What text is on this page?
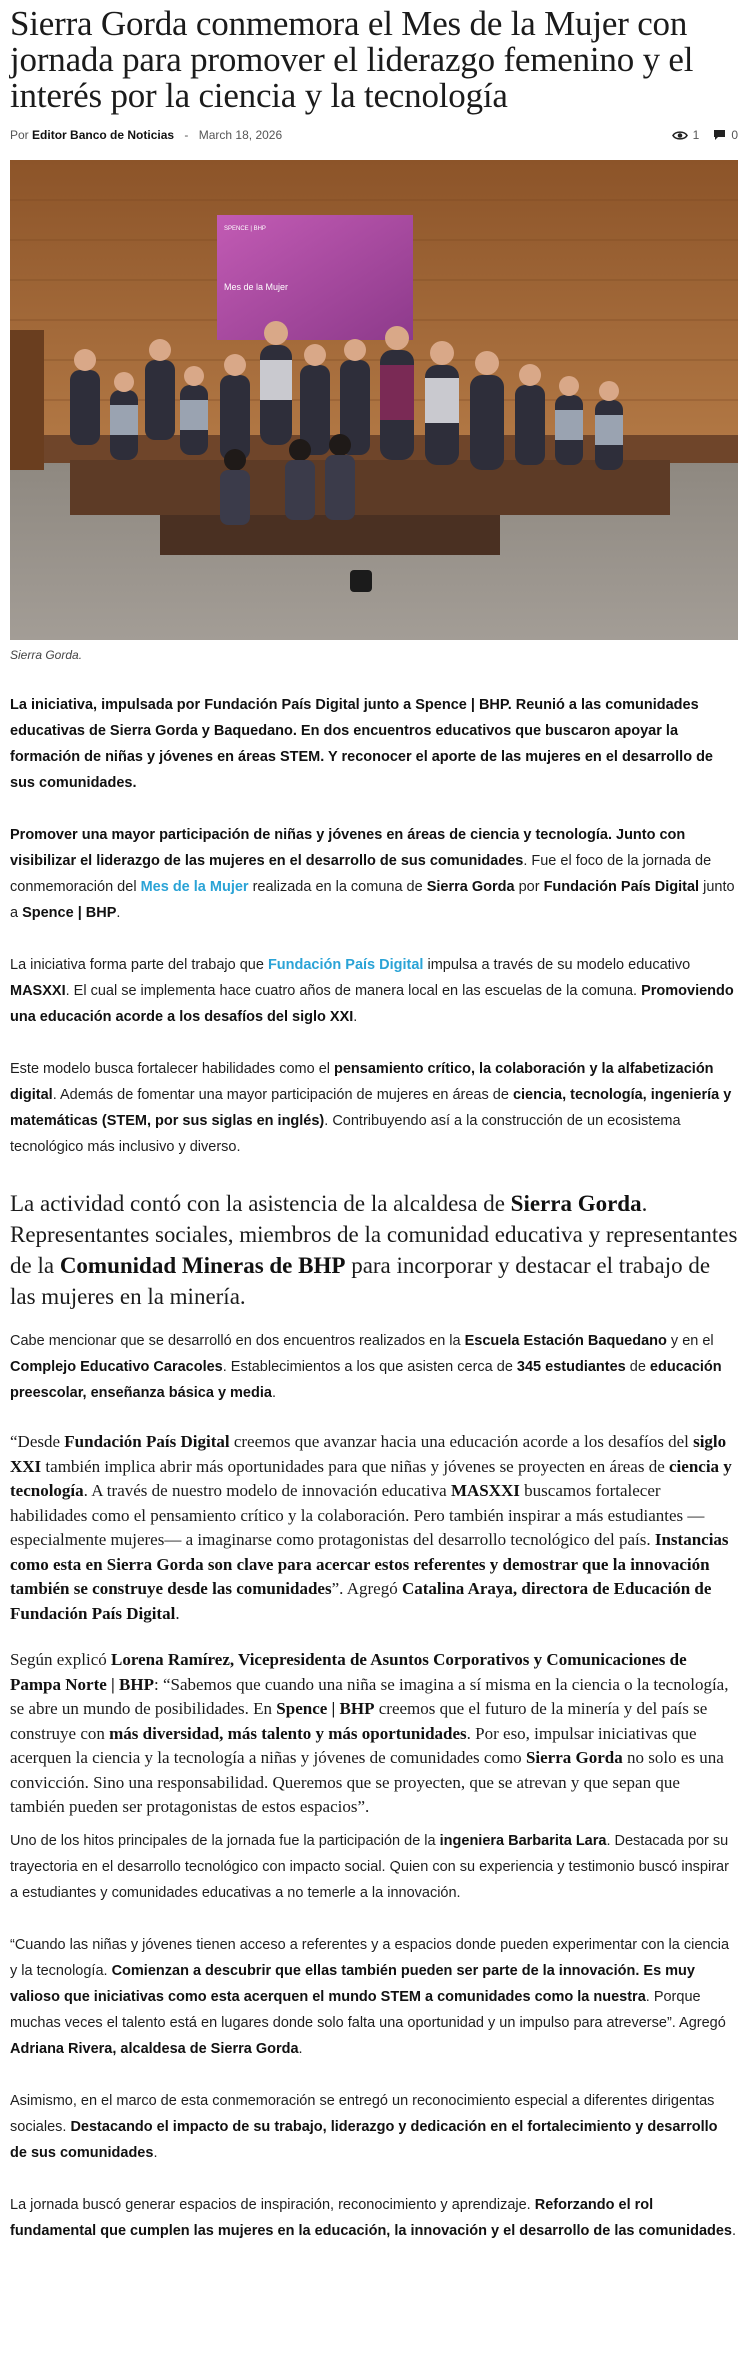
Sierra Gorda conmemora el Mes de la Mujer con jornada para promover el liderazgo femenino y el interés por la ciencia y la tecnología
Por Editor Banco de Noticias - March 18, 2026	1	0
SPENCE | BHP
Mes de la Mujer
Sierra Gorda.

La iniciativa, impulsada por Fundación País Digital junto a Spence | BHP. Reunió a las comunidades educativas de Sierra Gorda y Baquedano. En dos encuentros educativos que buscaron apoyar la formación de niñas y jóvenes en áreas STEM. Y reconocer el aporte de las mujeres en el desarrollo de sus comunidades.

Promover una mayor participación de niñas y jóvenes en áreas de ciencia y tecnología. Junto con visibilizar el liderazgo de las mujeres en el desarrollo de sus comunidades. Fue el foco de la jornada de conmemoración del Mes de la Mujer realizada en la comuna de Sierra Gorda por Fundación País Digital junto a Spence | BHP.

La iniciativa forma parte del trabajo que Fundación País Digital impulsa a través de su modelo educativo MASXXI. El cual se implementa hace cuatro años de manera local en las escuelas de la comuna. Promoviendo una educación acorde a los desafíos del siglo XXI.

Este modelo busca fortalecer habilidades como el pensamiento crítico, la colaboración y la alfabetización digital. Además de fomentar una mayor participación de mujeres en áreas de ciencia, tecnología, ingeniería y matemáticas (STEM, por sus siglas en inglés). Contribuyendo así a la construcción de un ecosistema tecnológico más inclusivo y diverso.

La actividad contó con la asistencia de la alcaldesa de Sierra Gorda. Representantes sociales, miembros de la comunidad educativa y representantes de la Comunidad Mineras de BHP para incorporar y destacar el trabajo de las mujeres en la minería.

Cabe mencionar que se desarrolló en dos encuentros realizados en la Escuela Estación Baquedano y en el Complejo Educativo Caracoles. Establecimientos a los que asisten cerca de 345 estudiantes de educación preescolar, enseñanza básica y media.

“Desde Fundación País Digital creemos que avanzar hacia una educación acorde a los desafíos del siglo XXI también implica abrir más oportunidades para que niñas y jóvenes se proyecten en áreas de ciencia y tecnología. A través de nuestro modelo de innovación educativa MASXXI buscamos fortalecer habilidades como el pensamiento crítico y la colaboración. Pero también inspirar a más estudiantes —especialmente mujeres— a imaginarse como protagonistas del desarrollo tecnológico del país. Instancias como esta en Sierra Gorda son clave para acercar estos referentes y demostrar que la innovación también se construye desde las comunidades”. Agregó Catalina Araya, directora de Educación de Fundación País Digital.

Según explicó Lorena Ramírez, Vicepresidenta de Asuntos Corporativos y Comunicaciones de Pampa Norte | BHP: “Sabemos que cuando una niña se imagina a sí misma en la ciencia o la tecnología, se abre un mundo de posibilidades. En Spence | BHP creemos que el futuro de la minería y del país se construye con más diversidad, más talento y más oportunidades. Por eso, impulsar iniciativas que acerquen la ciencia y la tecnología a niñas y jóvenes de comunidades como Sierra Gorda no solo es una convicción. Sino una responsabilidad. Queremos que se proyecten, que se atrevan y que sepan que también pueden ser protagonistas de estos espacios”.

Uno de los hitos principales de la jornada fue la participación de la ingeniera Barbarita Lara. Destacada por su trayectoria en el desarrollo tecnológico con impacto social. Quien con su experiencia y testimonio buscó inspirar a estudiantes y comunidades educativas a no temerle a la innovación.

“Cuando las niñas y jóvenes tienen acceso a referentes y a espacios donde pueden experimentar con la ciencia y la tecnología. Comienzan a descubrir que ellas también pueden ser parte de la innovación. Es muy valioso que iniciativas como esta acerquen el mundo STEM a comunidades como la nuestra. Porque muchas veces el talento está en lugares donde solo falta una oportunidad y un impulso para atreverse”. Agregó Adriana Rivera, alcaldesa de Sierra Gorda.

Asimismo, en el marco de esta conmemoración se entregó un reconocimiento especial a diferentes dirigentas sociales. Destacando el impacto de su trabajo, liderazgo y dedicación en el fortalecimiento y desarrollo de sus comunidades.

La jornada buscó generar espacios de inspiración, reconocimiento y aprendizaje. Reforzando el rol fundamental que cumplen las mujeres en la educación, la innovación y el desarrollo de las comunidades.
